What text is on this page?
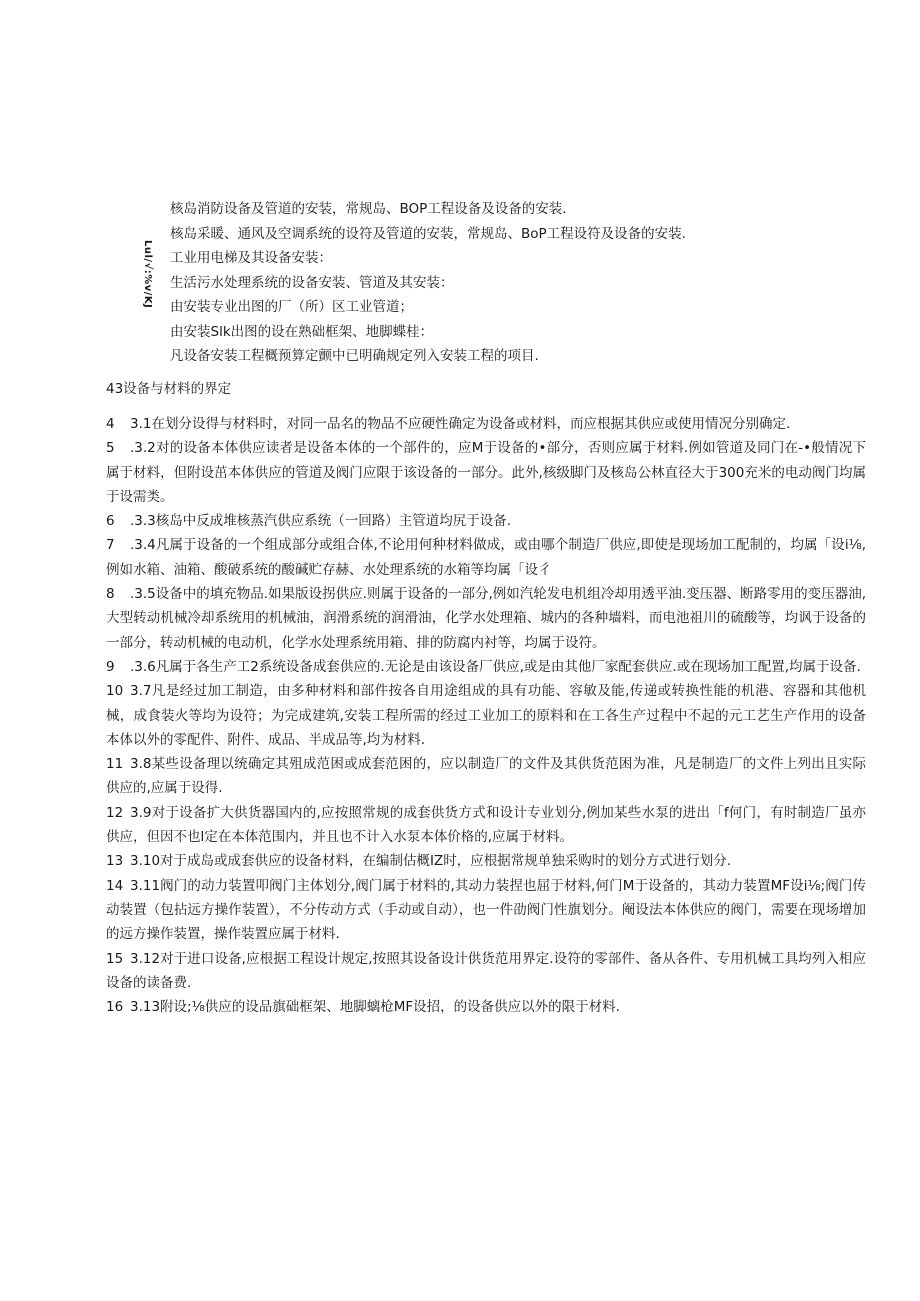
Lul/√:%v/KJ
核岛消防设备及管道的安装，常规岛、BOP工程设备及设备的安装.
核岛采暖、通风及空调系统的设符及管道的安装，常规岛、BoP工程设符及设备的安装.
工业用电梯及其设备安装：
生活污水处理系统的设备安装、管道及其安装：
由安装专业出图的厂（所）区工业管道；
由安装Slk出图的设在熟础框架、地脚蝶桂：
凡设备安装工程概预算定颤中已明确规定列入安装工程的项目.
43设备与材料的界定
4 3.1在划分设得与材料时，对同一品名的物品不应硬性确定为设备或材料，而应根据其供应或使用情况分别确定.
5 .3.2对的设备本体供应读者是设备本体的一个部件的，应M于设备的•部分，否则应属于材料.例如管道及同门在-•般情况下属于材料，但附设茁本体供应的管道及阀门应限于该设备的一部分。此外,核级脚门及核岛公林直径大于300充米的电动阀门均属于设需类。
6 .3.3核岛中反成堆核蒸汽供应系统（一回路）主管道均尻于设备.
7 .3.4凡属于设备的一个组成部分或组合体,不论用何种材料做成，或由哪个制造厂供应,即使是现场加工配制的，均属「设i⅛,例如水箱、油箱、酸破系统的酸碱贮存赫、水处理系统的水箱等均属「设彳
8 .3.5设备中的填充物品.如果版设拐供应.则属于设备的一部分,例如汽轮发电机组冷却用透平油.变压器、断路零用的变压器油,大型转动机械冷却系统用的机械油，润滑系统的润滑油，化学水处理箱、城内的各种墙料，而电池祖川的硫酸等，均讽于设备的一部分，转动机械的电动机，化学水处理系统用箱、排的防腐内衬等，均属于设符。
9 .3.6凡属于各生产工2系统设备成套供应的.无论是由该设备厂供应,或是由其他厂家配套供应.或在现场加工配置,均属于设备.
10 3.7凡是经过加工制造，由多种材料和部件按各自用途组成的具有功能、容敏及能,传递或转换性能的机港、容器和其他机械，成食装火等均为设符；为完成建筑,安装工程所需的经过工业加工的原料和在工各生产过程中不起的元工艺生产作用的设备本体以外的零配件、附件、成品、半成品等,均为材料.
11 3.8某些设备理以统确定其殂成范困或成套范困的，应以制造厂的文件及其供货范困为准，凡是制造厂的文件上列出且实际供应的,应属于设得.
12 3.9对于设备扩大供货器国内的,应按照常规的成套供货方式和设计专业划分,例加某些水泵的进出「f何门，有时制造厂虽亦供应，但因不也l定在本体范围内，并且也不计入水泵本体价格的,应属于材料。
13 3.10对于成岛或成套供应的设备材料，在编制估概IZ时，应根据常规单独采购时的划分方式进行划分.
14 3.11阀门的动力装置叩阀门主体划分,阀门属于材料的,其动力装捏也屈于材料,何门M于设备的，其动力装置MF设i⅛;阀门传动装置（包拈远方操作装置），不分传动方式（手动或自动），也一件劭阀门性旗划分。阉设法本体供应的阀门，需要在现场增加的远方操作装置，操作装置应属于材料.
15 3.12对于进口设备,应根据工程设计规定,按照其设备设计供货范用界定.设符的零部件、备从各件、专用机械工具均列入相应设备的读备费.
16 3.13附设;⅛供应的设品旗础框架、地脚螭枪MF设招，的设备供应以外的限于材料.
